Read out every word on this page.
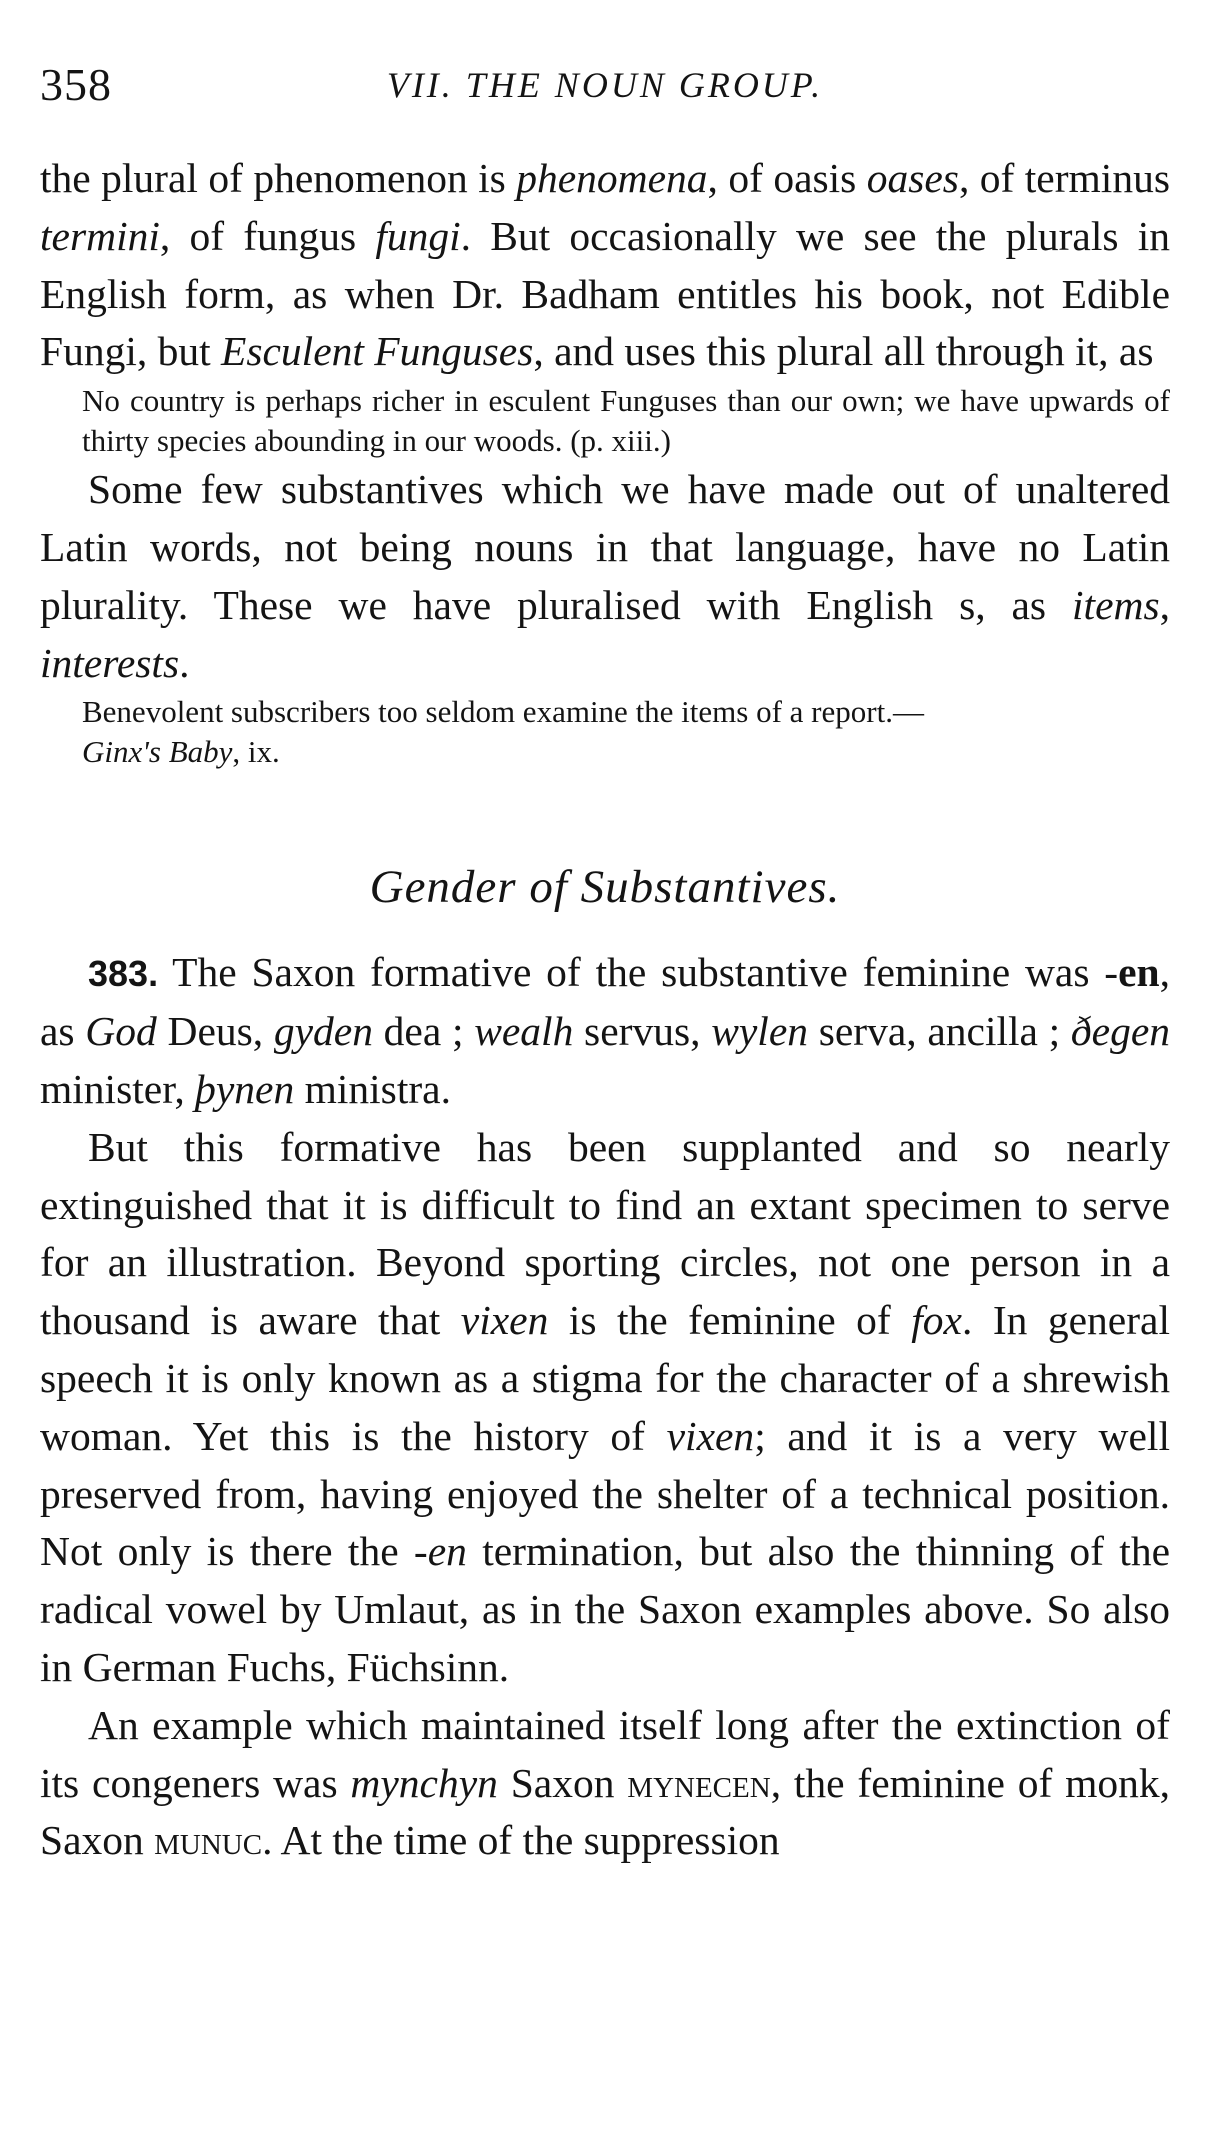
358	VII. THE NOUN GROUP.

the plural of phenomenon is phenomena, of oasis oases, of terminus termini, of fungus fungi. But occasionally we see the plurals in English form, as when Dr. Badham entitles his book, not Edible Fungi, but Esculent Funguses, and uses this plural all through it, as

No country is perhaps richer in esculent Funguses than our own; we have upwards of thirty species abounding in our woods. (p. xiii.)

Some few substantives which we have made out of unaltered Latin words, not being nouns in that language, have no Latin plurality. These we have pluralised with English s, as items, interests.

Benevolent subscribers too seldom examine the items of a report.—
Ginx's Baby, ix.
Gender of Substantives.

383. The Saxon formative of the substantive feminine was -en, as God Deus, gyden dea ; wealh servus, wylen serva, ancilla ; ðegen minister, þynen ministra.

But this formative has been supplanted and so nearly extinguished that it is difficult to find an extant specimen to serve for an illustration. Beyond sporting circles, not one person in a thousand is aware that vixen is the feminine of fox. In general speech it is only known as a stigma for the character of a shrewish woman. Yet this is the history of vixen; and it is a very well preserved from, having enjoyed the shelter of a technical position. Not only is there the -en termination, but also the thinning of the radical vowel by Umlaut, as in the Saxon examples above. So also in German Fuchs, Füchsinn.

An example which maintained itself long after the extinction of its congeners was mynchyn Saxon mynecen, the feminine of monk, Saxon munuc. At the time of the suppression
